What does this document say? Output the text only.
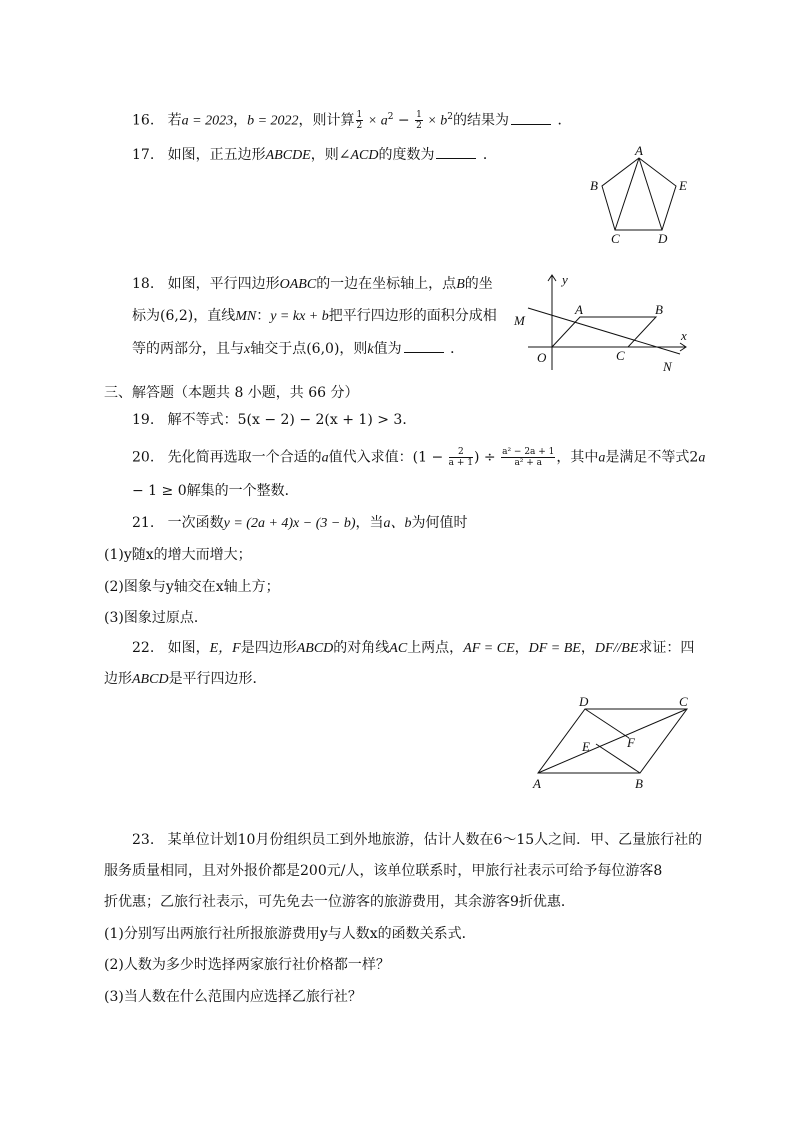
16. 若a = 2023，b = 2022，则计算 $\frac{1}{2} \times a^2 - \frac{1}{2} \times b^2$的结果为	．
17. 如图，正五边形ABCDE，则∠ACD的度数为	．	A
B	E
C	D
18. 如图，平行四边形OABC的一边在坐标轴上，点B的坐
标为(6,2)，直线MN：y = kx + b把平行四边形的面积分成相
等的两部分，且与x轴交于点(6,0)，则k值为	．
y
x
A	B
M
O	C
N
三、解答题（本题共 8 小题，共 66 分）
19. 解不等式：5(x − 2) − 2(x + 1) > 3．
20. 先化简再选取一个合适的a值代入求值：($1 - \frac{2}{a + 1}$ ) ÷ $\frac{\text{a² − 2a + 1}}{\text{a² + a}}$ ，其中a是满足不等式2a
− 1 ≥ 0解集的一个整数．
21. 一次函数y = (2a + 4)x − (3 − b)，当a、b为何值时
(1)y随x的增大而增大；
(2)图象与y轴交在x轴上方；
(3)图象过原点．
22. 如图，E，F是四边形ABCD的对角线AC上两点，AF = CE，DF = BE，DF//BE求证：四
边形ABCD是平行四边形．
D	C
E	F
A	B
23. 某单位计划10月份组织员工到外地旅游，估计人数在6～15人之间．甲、乙量旅行社的
服务质量相同，且对外报价都是200元/人，该单位联系时，甲旅行社表示可给予每位游客8
折优惠；乙旅行社表示，可先免去一位游客的旅游费用，其余游客9折优惠．
(1)分别写出两旅行社所报旅游费用y与人数x的函数关系式．
(2)人数为多少时选择两家旅行社价格都一样？
(3)当人数在什么范围内应选择乙旅行社？
